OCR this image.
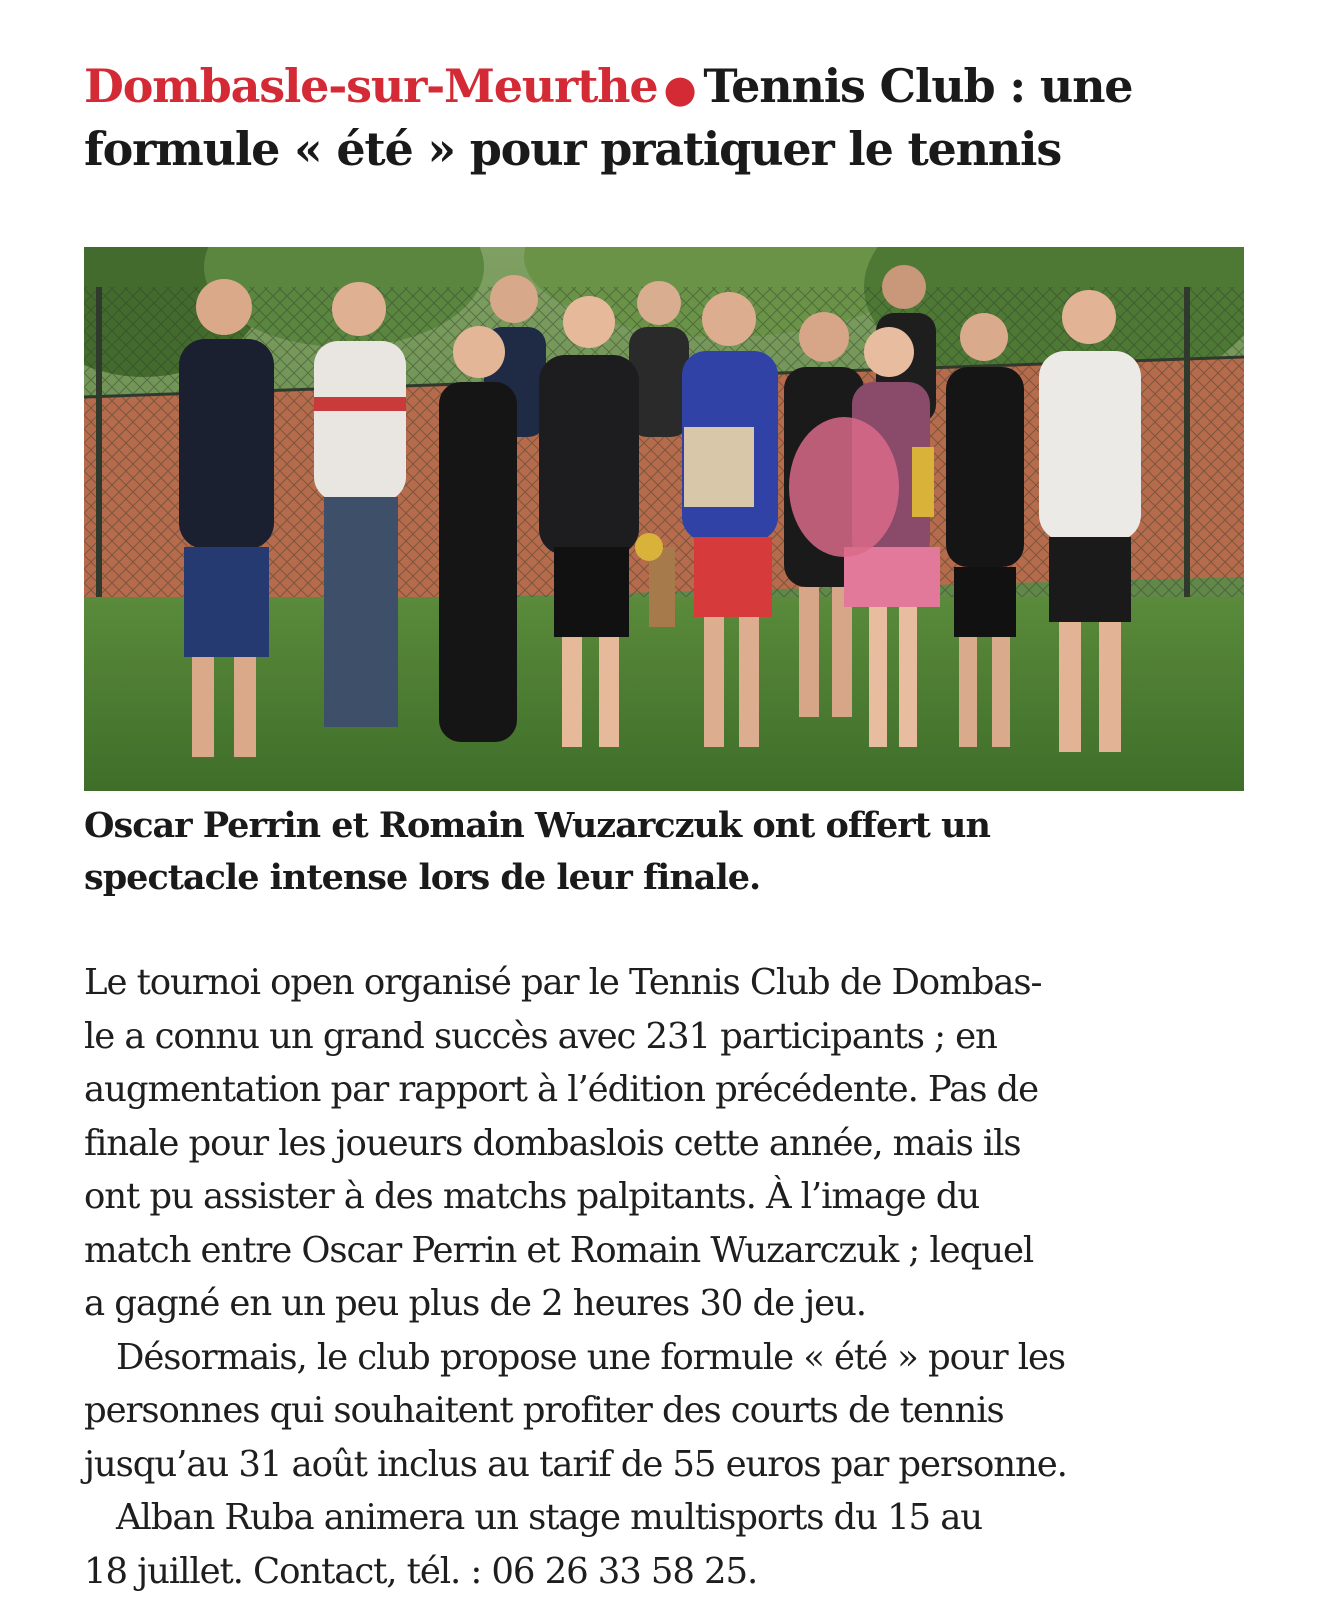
Dombasle-sur-Meurthe ● Tennis Club : une
formule « été » pour pratiquer le tennis

Oscar Perrin et Romain Wuzarczuk ont offert un
spectacle intense lors de leur finale.

Le tournoi open organisé par le Tennis Club de Dombas-
le a connu un grand succès avec 231 participants ; en
augmentation par rapport à l’édition précédente. Pas de
finale pour les joueurs dombaslois cette année, mais ils
ont pu assister à des matchs palpitants. À l’image du
match entre Oscar Perrin et Romain Wuzarczuk ; lequel
a gagné en un peu plus de 2 heures 30 de jeu.
Désormais, le club propose une formule « été » pour les
personnes qui souhaitent profiter des courts de tennis
jusqu’au 31 août inclus au tarif de 55 euros par personne.
Alban Ruba animera un stage multisports du 15 au
18 juillet. Contact, tél. : 06 26 33 58 25.
